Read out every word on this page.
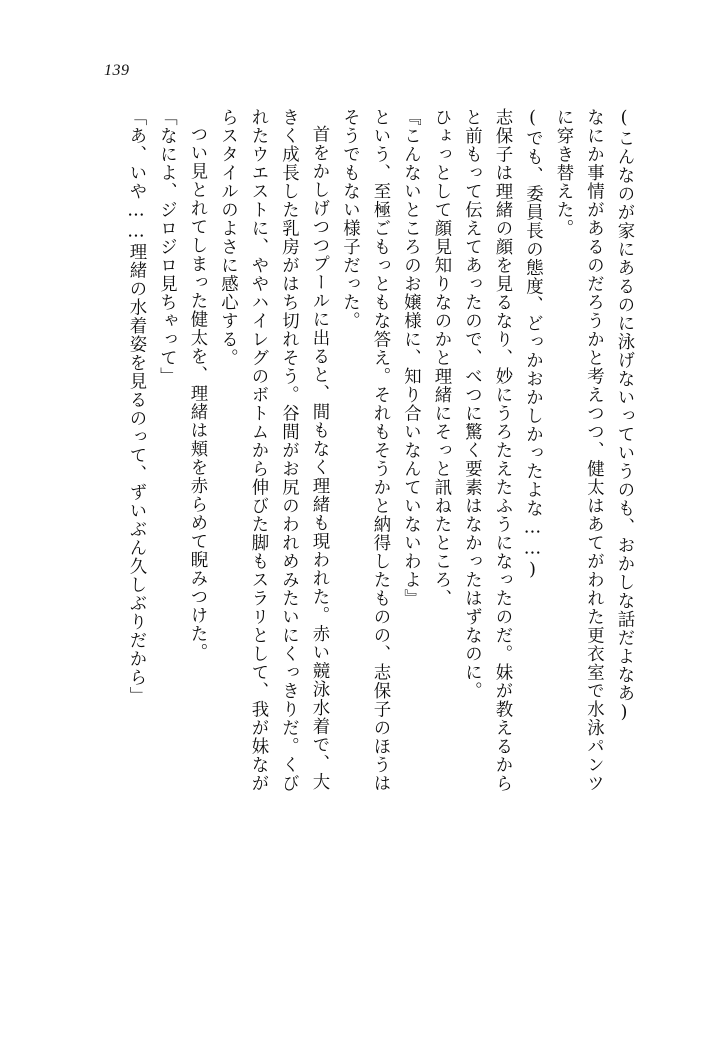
139

(こんなのが家にあるのに泳げないっていうのも、おかしな話だよなあ)

なにか事情があるのだろうかと考えつつ、健太はあてがわれた更衣室で水泳パンツに穿き替えた。

(でも、委員長の態度、どっかおかしかったよな……)

志保子は理緒の顔を見るなり、妙にうろたえたふうになったのだ。妹が教えるからと前もって伝えてあったので、べつに驚く要素はなかったはずなのに。

ひょっとして顔見知りなのかと理緒にそっと訊ねたところ、

『こんないところのお嬢様に、知り合いなんていないわよ』

という、至極ごもっともな答え。それもそうかと納得したものの、志保子のほうはそうでもない様子だった。

首をかしげつつプールに出ると、間もなく理緒も現われた。赤い競泳水着で、大きく成長した乳房がはち切れそう。谷間がお尻のわれめみたいにくっきりだ。くびれたウエストに、ややハイレグのボトムから伸びた脚もスラリとして、我が妹ながらスタイルのよさに感心する。

つい見とれてしまった健太を、理緒は頬を赤らめて睨みつけた。

「なによ、ジロジロ見ちゃって」

「あ、いや……理緒の水着姿を見るのって、ずいぶん久しぶりだから」
